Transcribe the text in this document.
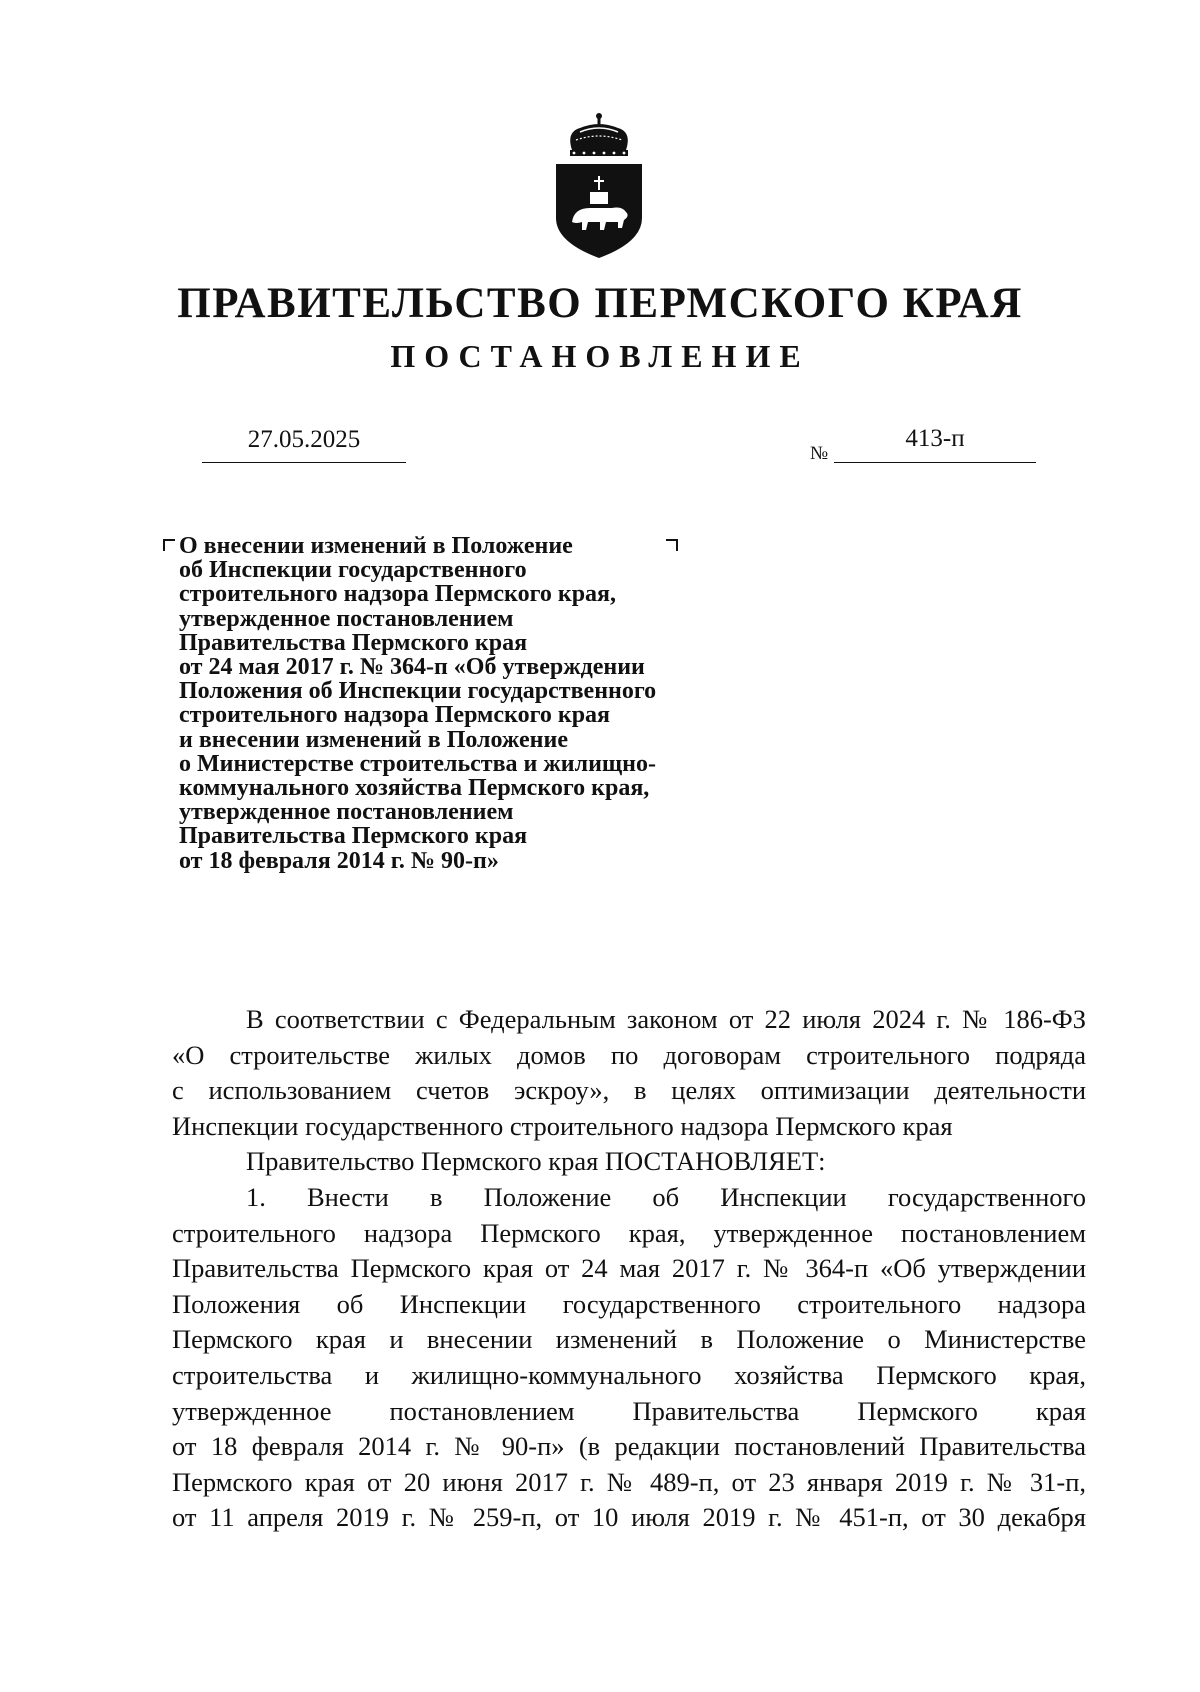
ПРАВИТЕЛЬСТВО ПЕРМСКОГО КРАЯ
ПОСТАНОВЛЕНИЕ
27.05.2025
№
413-п
О внесении изменений в Положение
об Инспекции государственного
строительного надзора Пермского края,
утвержденное постановлением
Правительства Пермского края
от 24 мая 2017 г. № 364-п «Об утверждении
Положения об Инспекции государственного
строительного надзора Пермского края
и внесении изменений в Положение
о Министерстве строительства и жилищно-
коммунального хозяйства Пермского края,
утвержденное постановлением
Правительства Пермского края
от 18 февраля 2014 г. № 90-п»
В соответствии с Федеральным законом от 22 июля 2024 г. № 186-ФЗ
«О строительстве жилых домов по договорам строительного подряда
с использованием счетов эскроу», в целях оптимизации деятельности
Инспекции государственного строительного надзора Пермского края
Правительство Пермского края ПОСТАНОВЛЯЕТ:
1. Внести в Положение об Инспекции государственного
строительного надзора Пермского края, утвержденное постановлением
Правительства Пермского края от 24 мая 2017 г. № 364-п «Об утверждении
Положения об Инспекции государственного строительного надзора
Пермского края и внесении изменений в Положение о Министерстве
строительства и жилищно-коммунального хозяйства Пермского края,
утвержденное постановлением Правительства Пермского края
от 18 февраля 2014 г. № 90-п» (в редакции постановлений Правительства
Пермского края от 20 июня 2017 г. № 489-п, от 23 января 2019 г. № 31-п,
от 11 апреля 2019 г. № 259-п, от 10 июля 2019 г. № 451-п, от 30 декабря
